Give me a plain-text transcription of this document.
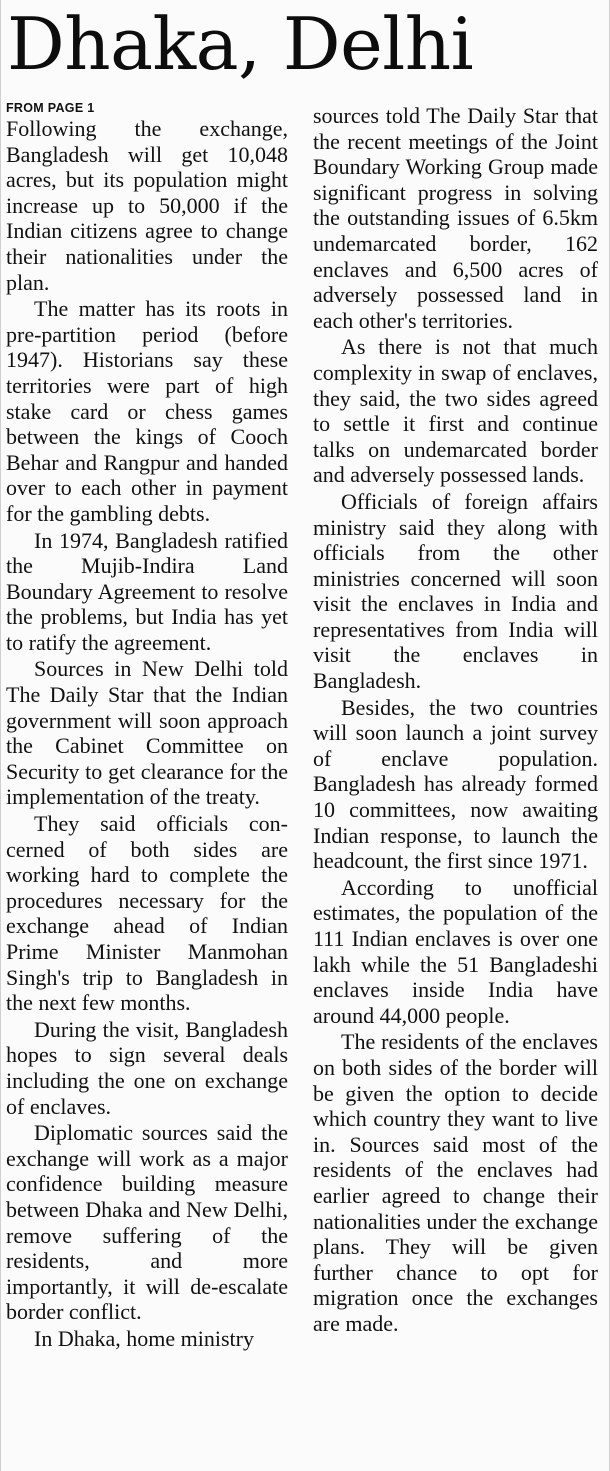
Dhaka, Delhi
FROM PAGE 1

Following the exchange, Bangladesh will get 10,048 acres, but its population might increase up to 50,000 if the Indian citizens agree to change their nationalities under the plan.

The matter has its roots in pre-partition period (before 1947). Historians say these territories were part of high stake card or chess games between the kings of Cooch Behar and Rangpur and handed over to each other in payment for the gambling debts.

In 1974, Bangladesh ratified the Mujib-Indira Land Boundary Agreement to resolve the problems, but India has yet to ratify the agreement.

Sources in New Delhi told The Daily Star that the Indian government will soon approach the Cabinet Committee on Security to get clearance for the implementation of the treaty.

They said officials concerned of both sides are working hard to complete the procedures necessary for the exchange ahead of Indian Prime Minister Manmohan Singh's trip to Bangladesh in the next few months.

During the visit, Bangladesh hopes to sign several deals including the one on exchange of enclaves.

Diplomatic sources said the exchange will work as a major confidence building measure between Dhaka and New Delhi, remove suffering of the residents, and more importantly, it will de-escalate border conflict.

In Dhaka, home ministry

sources told The Daily Star that the recent meetings of the Joint Boundary Working Group made significant progress in solving the outstanding issues of 6.5km undemarcated border, 162 enclaves and 6,500 acres of adversely possessed land in each other's territories.

As there is not that much complexity in swap of enclaves, they said, the two sides agreed to settle it first and continue talks on undemarcated border and adversely possessed lands.

Officials of foreign affairs ministry said they along with officials from the other ministries concerned will soon visit the enclaves in India and representatives from India will visit the enclaves in Bangladesh.

Besides, the two countries will soon launch a joint survey of enclave population. Bangladesh has already formed 10 committees, now awaiting Indian response, to launch the headcount, the first since 1971.

According to unofficial estimates, the population of the 111 Indian enclaves is over one lakh while the 51 Bangladeshi enclaves inside India have around 44,000 people.

The residents of the enclaves on both sides of the border will be given the option to decide which country they want to live in. Sources said most of the residents of the enclaves had earlier agreed to change their nationalities under the exchange plans. They will be given further chance to opt for migration once the exchanges are made.
